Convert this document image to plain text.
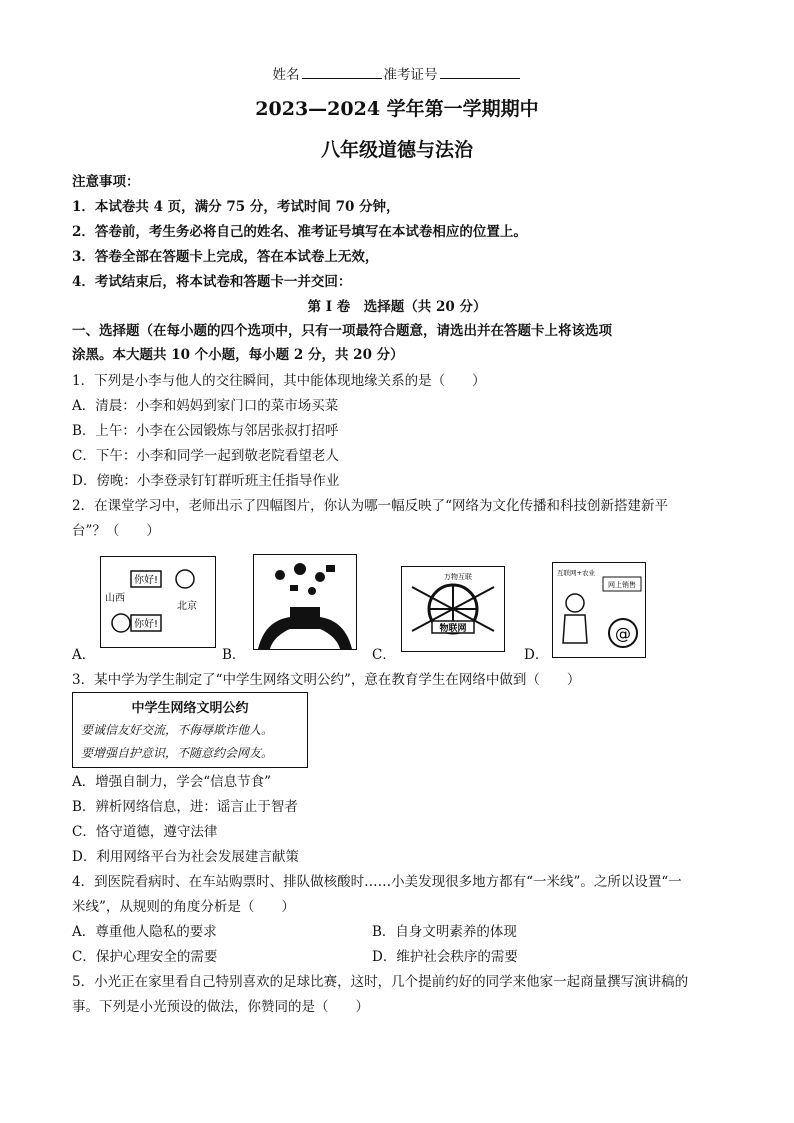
姓名	准考证号
2023—2024 学年第一学期期中
八年级道德与法治
注意事项：
1．本试卷共 4 页，满分 75 分，考试时间 70 分钟，
2．答卷前，考生务必将自己的姓名、准考证号填写在本试卷相应的位置上。
3．答卷全部在答题卡上完成，答在本试卷上无效，
4．考试结束后，将本试卷和答题卡一并交回：
第 I 卷　选择题（共 20 分）
一、选择题（在每小题的四个选项中，只有一项最符合题意，请选出并在答题卡上将该选项
涂黑。本大题共 10 个小题，每小题 2 分，共 20 分）
1．下列是小李与他人的交往瞬间，其中能体现地缘关系的是（　　）
A．清晨：小李和妈妈到家门口的菜市场买菜
B．上午：小李在公园锻炼与邻居张叔打招呼
C．下午：小李和同学一起到敬老院看望老人
D．傍晚：小李登录钉钉群听班主任指导作业
2．在课堂学习中，老师出示了四幅图片，你认为哪一幅反映了“网络为文化传播和科技创新搭建新平
台”？（　　）
你好!
你好!
山西
北京
A．	B．
物联网
万物互联
C．
@
互联网+农业
网上销售
D．
3．某中学为学生制定了“中学生网络文明公约”，意在教育学生在网络中做到（　　）
中学生网络文明公约
要诚信友好交流，不侮辱欺诈他人。
要增强自护意识，不随意约会网友。
A．增强自制力，学会“信息节食”
B．辨析网络信息，进：谣言止于智者
C．恪守道德，遵守法律
D．利用网络平台为社会发展建言献策
4．到医院看病时、在车站购票时、排队做核酸时……小美发现很多地方都有“一米线”。之所以设置“一
米线”，从规则的角度分析是（　　）
A．尊重他人隐私的要求	B．自身文明素养的体现
C．保护心理安全的需要	D．维护社会秩序的需要
5．小光正在家里看自己特别喜欢的足球比赛，这时，几个提前约好的同学来他家一起商量撰写演讲稿的
事。下列是小光预设的做法，你赞同的是（　　）
